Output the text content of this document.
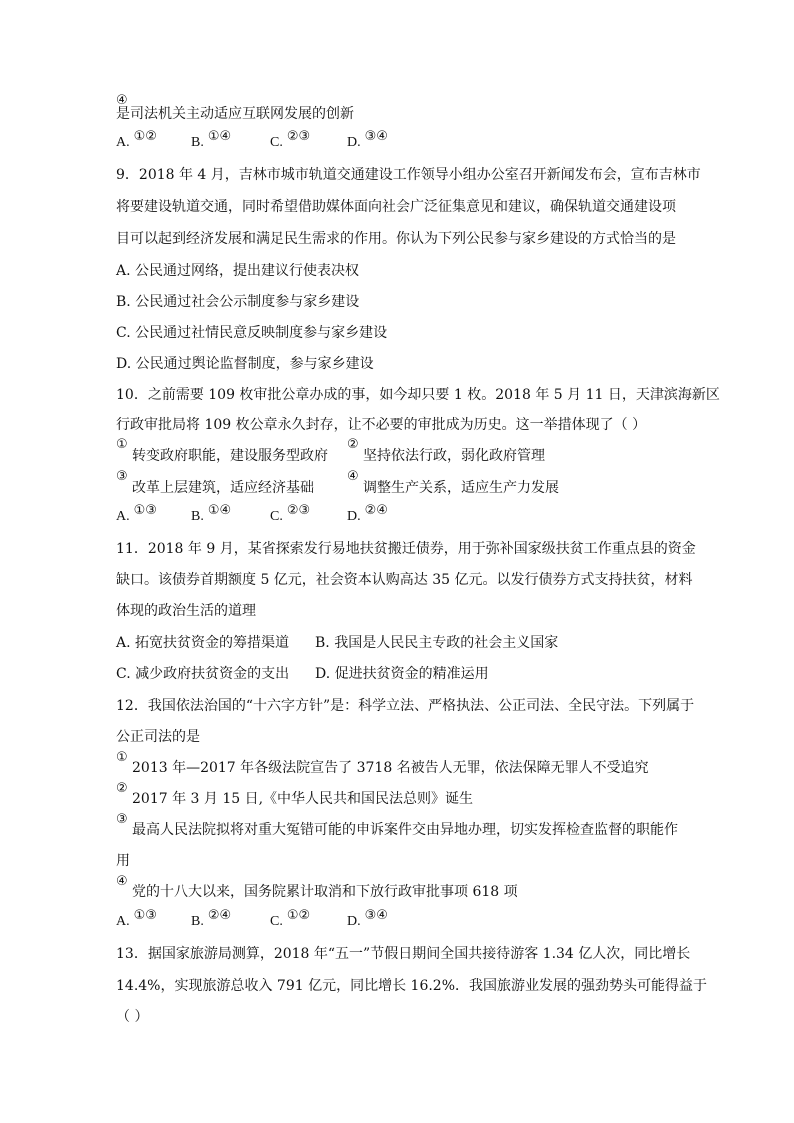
④
是司法机关主动适应互联网发展的创新
A. ①② B. ①④	C. ②③	D. ③④
9．2018 年 4 月，吉林市城市轨道交通建设工作领导小组办公室召开新闻发布会，宣布吉林市
将要建设轨道交通，同时希望借助媒体面向社会广泛征集意见和建议，确保轨道交通建设项
目可以起到经济发展和满足民生需求的作用。你认为下列公民参与家乡建设的方式恰当的是
A. 公民通过网络，提出建议行使表决权
B. 公民通过社会公示制度参与家乡建设
C. 公民通过社情民意反映制度参与家乡建设
D. 公民通过舆论监督制度，参与家乡建设
10．之前需要 109 枚审批公章办成的事，如今却只要 1 枚。2018 年 5 月 11 日，天津滨海新区
行政审批局将 109 枚公章永久封存，让不必要的审批成为历史。这一举措体现了（ ）
①
转变政府职能，建设服务型政府
②
坚持依法行政，弱化政府管理
③
改革上层建筑，适应经济基础
④
调整生产关系，适应生产力发展
A. ①③ B. ①④	C. ②③	D. ②④
11．2018 年 9 月，某省探索发行易地扶贫搬迁债券，用于弥补国家级扶贫工作重点县的资金
缺口。该债券首期额度 5 亿元，社会资本认购高达 35 亿元。以发行债券方式支持扶贫，材料
体现的政治生活的道理
A. 拓宽扶贫资金的筹措渠道 B. 我国是人民民主专政的社会主义国家
C. 减少政府扶贫资金的支出 D. 促进扶贫资金的精准运用
12．我国依法治国的“十六字方针”是：科学立法、严格执法、公正司法、全民守法。下列属于
公正司法的是
①
2013 年—2017 年各级法院宣告了 3718 名被告人无罪，依法保障无罪人不受追究
②
2017 年 3 月 15 日,《中华人民共和国民法总则》诞生
③
最高人民法院拟将对重大冤错可能的申诉案件交由异地办理，切实发挥检查监督的职能作
用
④
党的十八大以来，国务院累计取消和下放行政审批事项 618 项
A. ①③ B. ②④	C. ①②	D. ③④
13．据国家旅游局测算，2018 年“五一”节假日期间全国共接待游客 1.34 亿人次，同比增长
14.4%，实现旅游总收入 791 亿元，同比增长 16.2%．我国旅游业发展的强劲势头可能得益于
（ ）
